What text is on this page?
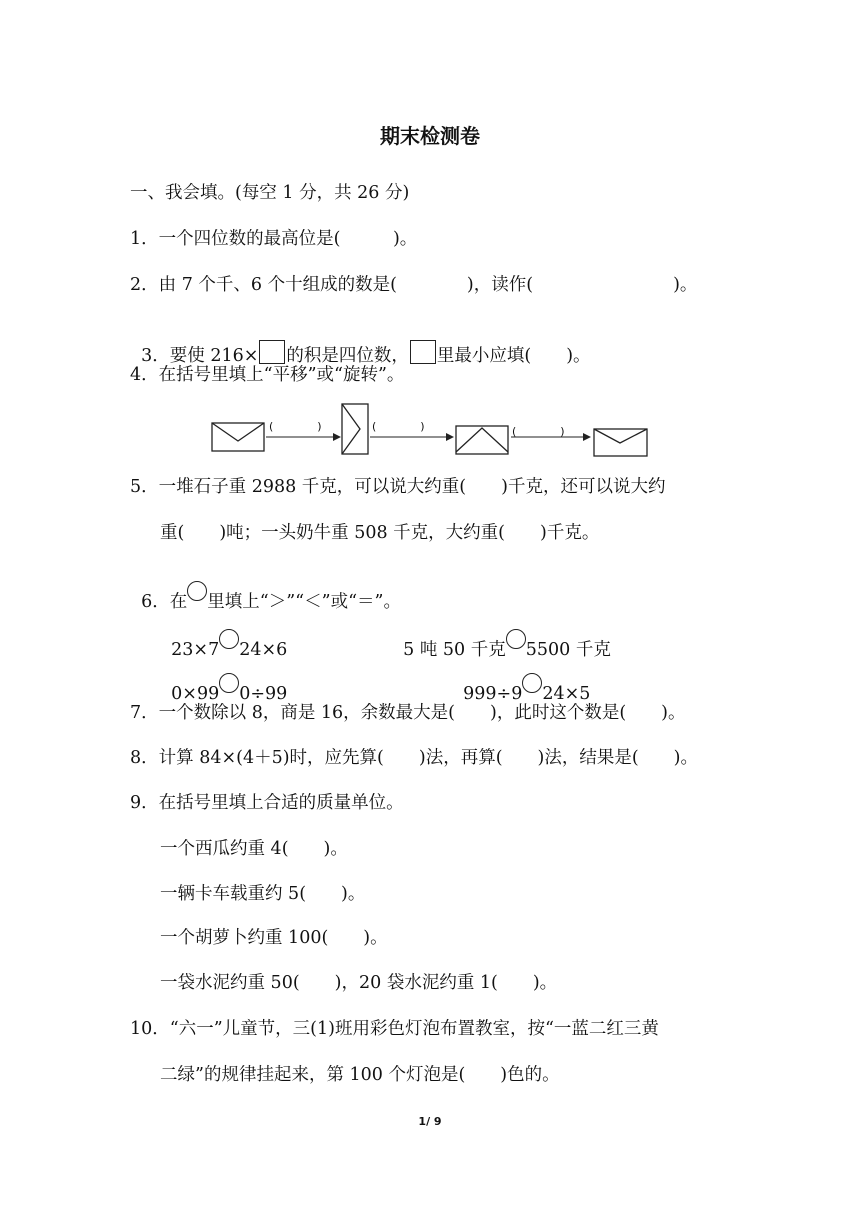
期末检测卷
一、我会填。(每空 1 分，共 26 分)
1．一个四位数的最高位是(　　　)。
2．由 7 个千、6 个十组成的数是(　　　　)，读作(　　　　　　　　)。

3．要使 216× 的积是四位数， 里最小应填(　　)。

4．在括号里填上“平移”或“旋转”。
(　　　　)	(　　　　)	(　　　　)
5．一堆石子重 2988 千克，可以说大约重(　　)千克，还可以说大约
重(　　)吨；一头奶牛重 508 千克，大约重(　　)千克。

6．在 里填上“＞”“＜”或“＝”。

23×7 24×6	5 吨 50 千克 5500 千克

0×99 0÷99	999÷9 24×5

7．一个数除以 8，商是 16，余数最大是(　　)，此时这个数是(　　)。
8．计算 84×(4＋5)时，应先算(　　)法，再算(　　)法，结果是(　　)。
9．在括号里填上合适的质量单位。
一个西瓜约重 4(　　)。
一辆卡车载重约 5(　　)。
一个胡萝卜约重 100(　　)。
一袋水泥约重 50(　　)，20 袋水泥约重 1(　　)。
10．“六一”儿童节，三(1)班用彩色灯泡布置教室，按“一蓝二红三黄
二绿”的规律挂起来，第 100 个灯泡是(　　)色的。
1/ 9
